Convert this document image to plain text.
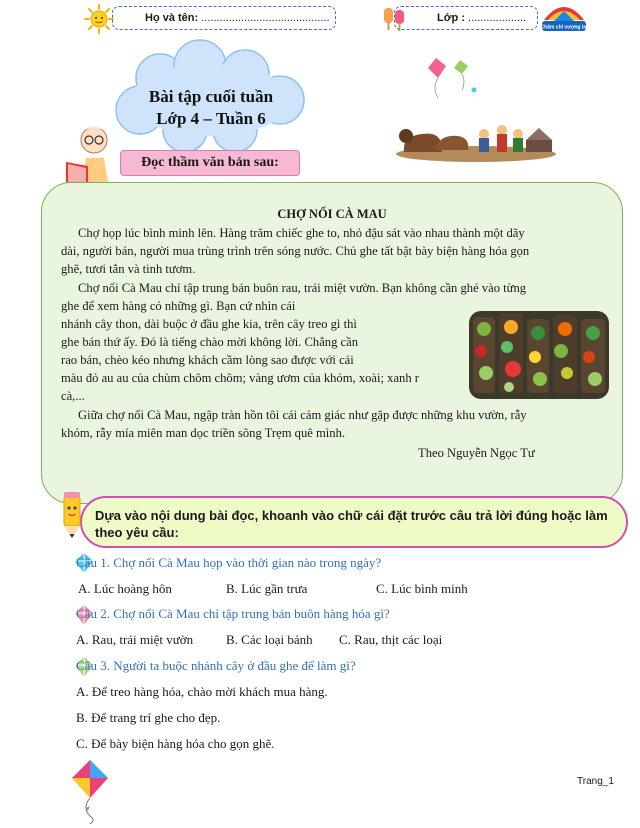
Họ và tên: ..........................................	Lớp : ...................
Chăm chỉ vượng lai
Bài tập cuối tuần
Lớp 4 – Tuần 6
Đọc thầm văn bản sau:
CHỢ NỔI CÀ MAU
Chợ họp lúc bình minh lên. Hàng trăm chiếc ghe to, nhỏ đậu sát vào nhau thành một dãy
dài, người bán, người mua trùng trình trên sóng nước. Chủ ghe tất bật bày biện hàng hóa gọn
ghẽ, tươi tắn và tinh tươm.
Chợ nổi Cà Mau chỉ tập trung bán buôn rau, trái miệt vườn. Bạn không cần ghé vào từng
ghe để xem hàng có những gì. Bạn cứ nhìn cái
nhánh cây thon, dài buộc ở đầu ghe kia, trên cây treo gì thì
ghe bán thứ ấy. Đó là tiếng chào mời không lời. Chẳng cần
rao bán, chèo kéo nhưng khách cầm lòng sao được với cái
màu đỏ au au của chùm chôm chôm; vàng ươm của khóm, xoài; xanh r
cà,...
Giữa chợ nổi Cà Mau, ngập tràn hồn tôi cái cảm giác như gặp được những khu vườn, rẫy
khóm, rẫy mía miên man dọc triền sông Trẹm quê mình.
Theo Nguyễn Ngọc Tư
Dựa vào nội dung bài đọc, khoanh vào chữ cái đặt trước câu trả lời đúng hoặc làm theo yêu cầu:
Câu 1. Chợ nổi Cà Mau họp vào thời gian nào trong ngày?
A. Lúc hoàng hôn	B. Lúc gần trưa	C. Lúc bình minh
Câu 2. Chợ nổi Cà Mau chỉ tập trung bán buôn hàng hóa gì?
A. Rau, trái miệt vườn	B. Các loại bánh C. Rau, thịt các loại
Câu 3. Người ta buộc nhánh cây ở đầu ghe để làm gì?
A. Để treo hàng hóa, chào mời khách mua hàng.
B. Để trang trí ghe cho đẹp.
C. Để bày biện hàng hóa cho gọn ghẽ.
Trang_1
